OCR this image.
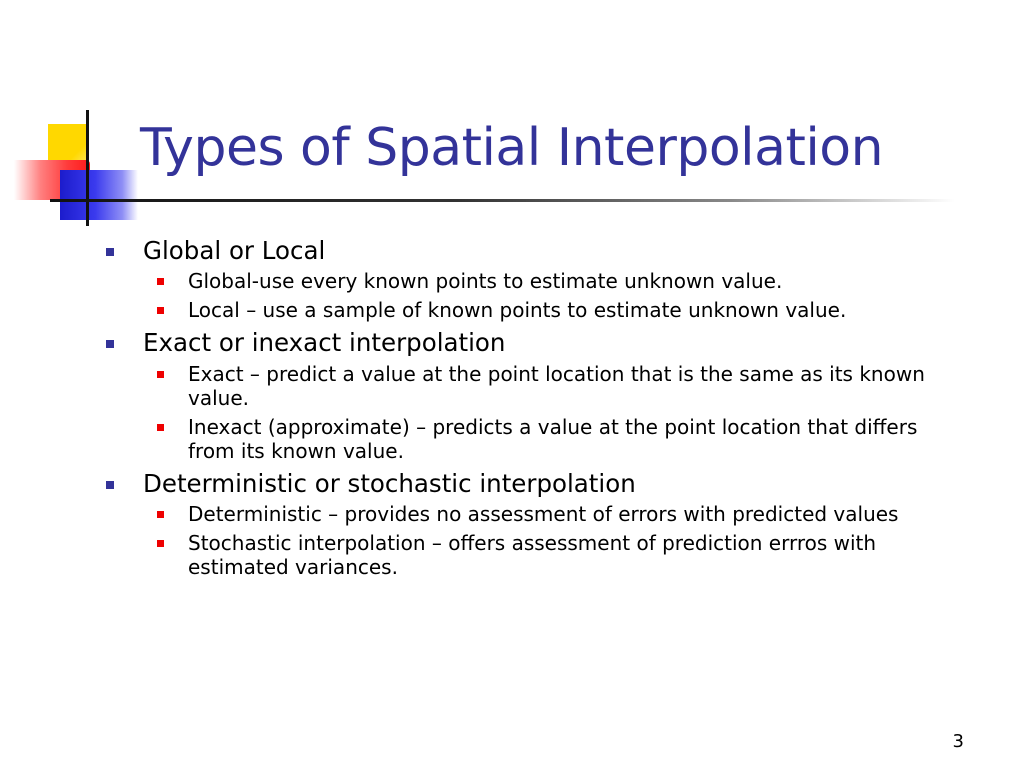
Types of Spatial Interpolation
Global or Local
Global-use every known points to estimate unknown value.
Local – use a sample of known points to estimate unknown value.
Exact or inexact interpolation
Exact – predict a value at the point location that is the same as its known value.
Inexact (approximate) – predicts a value at the point location that differs from its known value.
Deterministic or stochastic interpolation
Deterministic – provides no assessment of errors with predicted values
Stochastic interpolation – offers assessment of prediction errros with estimated variances.
3
